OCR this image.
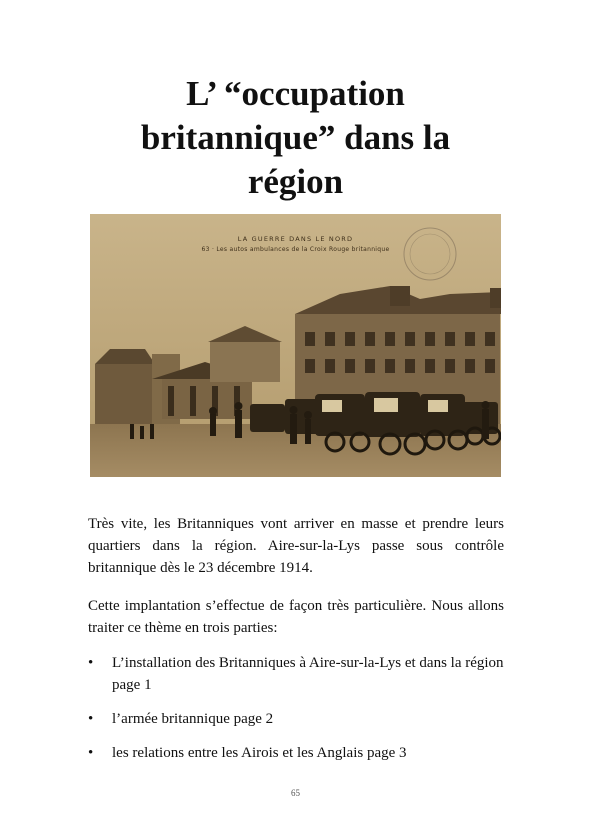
L’ “occupation
britannique” dans la
région
LA GUERRE DANS LE NORD
63 · Les autos ambulances de la Croix Rouge britannique

Très vite, les Britanniques vont arriver en masse et prendre leurs quartiers dans la région. Aire-sur-la-Lys passe sous contrôle britannique dès le 23 décembre 1914.

Cette implantation s’effectue de façon très particulière. Nous allons traiter ce thème en trois parties:

• L’installation des Britanniques à Aire-sur-la-Lys et dans la région page 1
• l’armée britannique page 2
• les relations entre les Airois et les Anglais page 3
65
